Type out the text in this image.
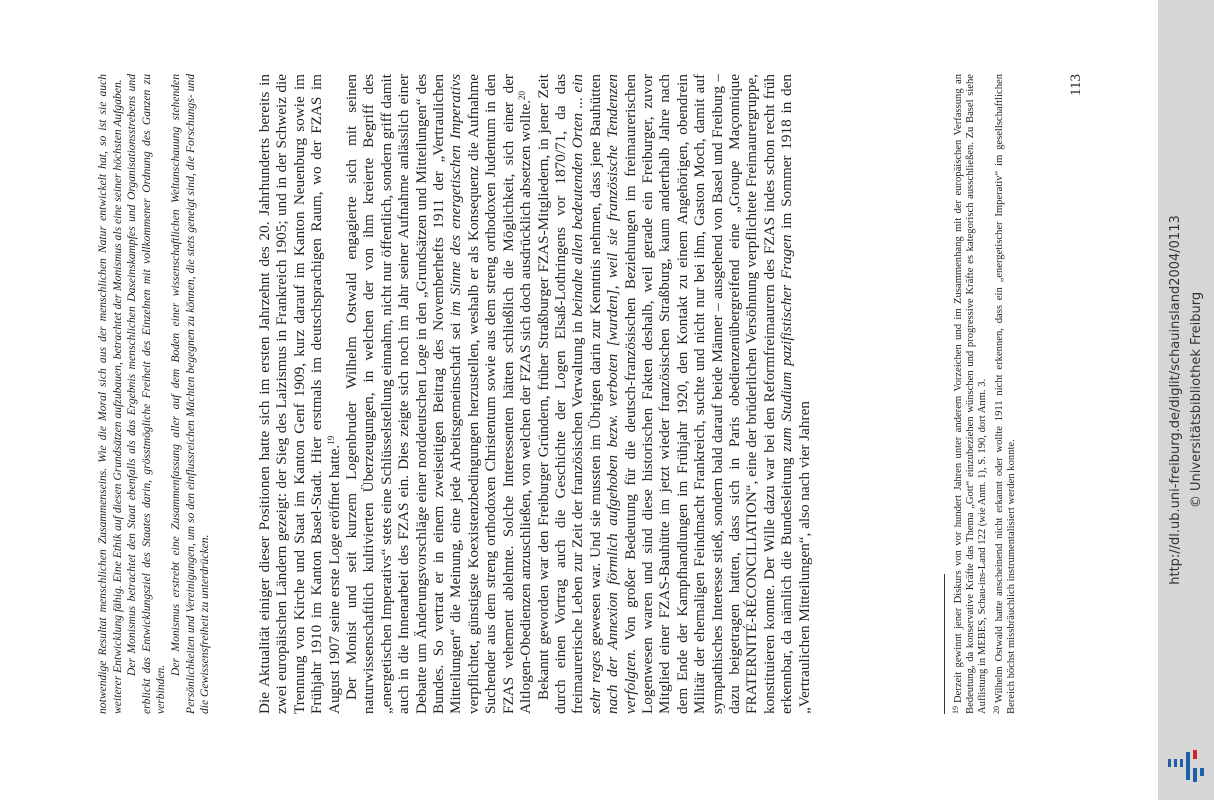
notwendige Resultat menschlichen Zusammenseins. Wie die Moral sich aus der menschlichen Natur entwickelt hat, so ist sie auch weiterer Entwicklung fähig. Eine Ethik auf diesen Grundsätzen aufzubauen, betrachtet der Monismus als eine seiner höchsten Aufgaben. Der Monismus betrachtet den Staat ebenfalls als das Ergebnis menschlichen Daseinskampfes und Organisationsstrebens und erblickt das Entwicklungsziel des Staates darin, grösstmögliche Freiheit des Einzelnen mit vollkommener Ordnung des Ganzen zu verbinden.

Der Monismus erstrebt eine Zusammenfassung aller auf dem Boden einer wissenschaftlichen Weltanschauung stehenden Persönlichkeiten und Vereinigungen, um so den einflussreichen Mächten begegnen zu können, die stets geneigt sind, die Forschungs- und die Gewissensfreiheit zu unterdrücken.	Die Aktualität einiger dieser Positionen hatte sich im ersten Jahrzehnt des 20. Jahrhunderts bereits in zwei europäischen Ländern gezeigt: der Sieg des Laizismus in Frankreich 1905; und in der Schweiz die Trennung von Kirche und Staat im Kanton Genf 1909, kurz darauf im Kanton Neuenburg sowie im Frühjahr 1910 im Kanton Basel-Stadt. Hier erstmals im deutschsprachigen Raum, wo der FZAS im August 1907 seine erste Loge eröffnet hatte.$^{19}$ Der Monist und seit kurzem Logenbruder Wilhelm Ostwald engagierte sich mit seinen naturwissenschaftlich kultivierten Überzeugungen, in welchen der von ihm kreierte Begriff des „energetischen Imperativs“ stets eine Schlüsselstellung einnahm, nicht nur öffentlich, sondern griff damit auch in die Innenarbeit des FZAS ein. Dies zeigte sich noch im Jahr seiner Aufnahme anlässlich einer Debatte um Änderungsvorschläge einer norddeutschen Loge in den „Grundsätzen und Mitteilungen“ des Bundes. So vertrat er in einem zweiseitigen Beitrag des Novemberhefts 1911 der „Vertraulichen Mitteilungen“ die Meinung, eine jede Arbeitsgemeinschaft sei im Sinne des energetischen Imperativs verpflichtet, günstigste Koexistenzbedingungen herzustellen, weshalb er als Konsequenz die Aufnahme Suchender aus dem streng orthodoxen Christentum sowie aus dem streng orthodoxen Judentum in den FZAS vehement ablehnte. Solche Interessenten hätten schließlich die Möglichkeit, sich einer der Altlogen-Obedienzen anzuschließen, von welchen der FZAS sich doch ausdrücklich absetzen wollte.$^{20}$ Bekannt geworden war den Freiburger Gründern, früher Straßburger FZAS-Mitgliedern, in jener Zeit durch einen Vortrag auch die Geschichte der Logen Elsaß-Lothringens vor 1870/71, da das freimaurerische Leben zur Zeit der französischen Verwaltung in beinahe allen bedeutenden Orten ... ein sehr reges gewesen war. Und sie mussten im Übrigen darin zur Kenntnis nehmen, dass jene Bauhütten nach der Annexion förmlich aufgehoben bezw. verboten [wurden], weil sie französische Tendenzen verfolgten. Von großer Bedeutung für die deutsch-französischen Beziehungen im freimaurerischen Logenwesen waren und sind diese historischen Fakten deshalb, weil gerade ein Freiburger, zuvor Mitglied einer FZAS-Bauhütte im jetzt wieder französischen Straßburg, kaum anderthalb Jahre nach dem Ende der Kampfhandlungen im Frühjahr 1920, den Kontakt zu einem Angehörigen, obendrein Militär der ehemaligen Feindmacht Frankreich, suchte und nicht nur bei ihm, Gaston Moch, damit auf sympathisches Interesse stieß, sondern bald darauf beide Männer – ausgehend von Basel und Freiburg – dazu beigetragen hatten, dass sich in Paris obedienzenübergreifend eine „Groupe Maçonnique FRATERNITÉ-RÉCONCILIATION“, eine der brüderlichen Versöhnung verpflichtete Freimaurergruppe, konstituieren konnte. Der Wille dazu war bei den Reformfreimaurern des FZAS indes schon recht früh erkennbar, da nämlich die Bundesleitung zum Studium pazifistischer Fragen im Sommer 1918 in den „Vertraulichen Mitteilungen“, also nach vier Jahren

113

$^{19}$Derzeit gewinnt jener Diskurs von vor hundert Jahren unter anderem Vorzeichen und im Zusammenhang mit der europäischen Verfassung an Bedeutung, da konservative Kräfte das Thema „Gott“ einzubeziehen wünschen und progressive Kräfte es kategorisch ausschließen. Zu Basel siehe Auflistung in MEBES, Schau-ins-Land 122 (wie Anm. 1), S. 190, dort Anm. 3. $^{20}$Wilhelm Ostwald hatte anscheinend nicht erkannt oder wollte 1911 nicht erkennen, dass ein „energetischer Imperativ“ im gesellschaftlichen Bereich höchst missbräuchlich instrumentalisiert werden konnte.	http://dl.ub.uni-freiburg.de/diglit/schauinsland2004/0113 © Universitätsbibliothek Freiburg
